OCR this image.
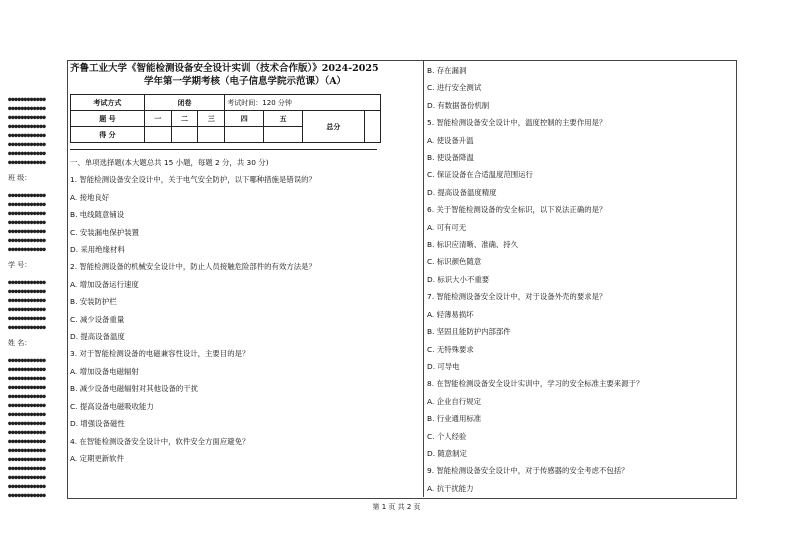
●●●●●●●●●●●●
●●●●●●●●●●●●
●●●●●●●●●●●●
●●●●●●●●●●●●
●●●●●●●●●●●●
●●●●●●●●●●●●
●●●●●●●●●●●●
●●●●●●●●●●●●
班 级：
●●●●●●●●●●●●
●●●●●●●●●●●●
●●●●●●●●●●●●
●●●●●●●●●●●●
●●●●●●●●●●●●
●●●●●●●●●●●●
●●●●●●●●●●●●
学 号：
●●●●●●●●●●●●
●●●●●●●●●●●●
●●●●●●●●●●●●
●●●●●●●●●●●●
●●●●●●●●●●●●
●●●●●●●●●●●●
姓 名：
●●●●●●●●●●●●
●●●●●●●●●●●●
●●●●●●●●●●●●
●●●●●●●●●●●●
●●●●●●●●●●●●
●●●●●●●●●●●●
●●●●●●●●●●●●
●●●●●●●●●●●●
●●●●●●●●●●●●
●●●●●●●●●●●●
●●●●●●●●●●●●
●●●●●●●●●●●●
●●●●●●●●●●●●
●●●●●●●●●●●●
●●●●●●●●●●●●
●●●●●●●●●●●●
齐鲁工业大学《智能检测设备安全设计实训（技术合作版）》2024-2025
学年第一学期考核（电子信息学院示范课）（A）
考试方式	闭卷			考试时间：120 分钟			
题 号	一	二	三	四	五	总分	
得 分							
一、单项选择题(本大题总共 15 小题，每题 2 分，共 30 分)
1. 智能检测设备安全设计中，关于电气安全防护，以下哪种措施是错误的？
A. 接地良好
B. 电线随意铺设
C. 安装漏电保护装置
D. 采用绝缘材料
2. 智能检测设备的机械安全设计中，防止人员接触危险部件的有效方法是？
A. 增加设备运行速度
B. 安装防护栏
C. 减少设备重量
D. 提高设备温度
3. 对于智能检测设备的电磁兼容性设计，主要目的是？
A. 增加设备电磁辐射
B. 减少设备电磁辐射对其他设备的干扰
C. 提高设备电磁吸收能力
D. 增强设备磁性
4. 在智能检测设备安全设计中，软件安全方面应避免？
A. 定期更新软件
B. 存在漏洞
C. 进行安全测试
D. 有数据备份机制
5. 智能检测设备安全设计中，温度控制的主要作用是？
A. 使设备升温
B. 使设备降温
C. 保证设备在合适温度范围运行
D. 提高设备温度精度
6. 关于智能检测设备的安全标识，以下说法正确的是？
A. 可有可无
B. 标识应清晰、准确、持久
C. 标识颜色随意
D. 标识大小不重要
7. 智能检测设备安全设计中，对于设备外壳的要求是？
A. 轻薄易损坏
B. 坚固且能防护内部部件
C. 无特殊要求
D. 可导电
8. 在智能检测设备安全设计实训中，学习的安全标准主要来源于？
A. 企业自行规定
B. 行业通用标准
C. 个人经验
D. 随意制定
9. 智能检测设备安全设计中，对于传感器的安全考虑不包括？
A. 抗干扰能力
第 1 页 共 2 页
